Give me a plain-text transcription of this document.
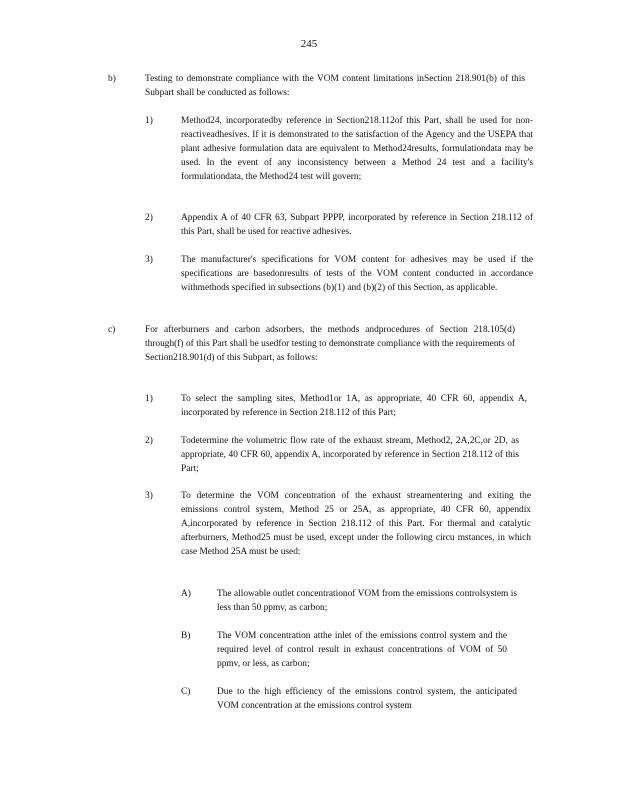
245
b)	Testing to demonstrate compliance with the VOM content limitations inSection 218.901(b) of this Subpart shall be conducted as follows:
1)	Method24, incorporatedby reference in Section218.112of this Part, shall be used for non-reactiveadhesives. If it is demonstrated to the satisfaction of the Agency and the USEPA that plant adhesive formulation data are equivalent to Method24results, formulationdata may be used. In the event of any inconsistency between a Method 24 test and a facility's formulationdata, the Method24 test will govern;
2)	Appendix A of 40 CFR 63, Subpart PPPP, incorporated by reference in Section 218.112 of this Part, shall be used for reactive adhesives.
3)	The manufacturer's specifications for VOM content for adhesives may be used if the specifications are basedonresults of tests of the VOM content conducted in accordance withmethods specified in subsections (b)(1) and (b)(2) of this Section, as applicable.
c)	For afterburners and carbon adsorbers, the methods andprocedures of Section 218.105(d) through(f) of this Part shall be usedfor testing to demonstrate compliance with the requirements of Section218.901(d) of this Subpart, as follows:
1)	To select the sampling sites, Method1or 1A, as appropriate, 40 CFR 60, appendix A, incorporated by reference in Section 218.112 of this Part;
2)	Todetermine the volumetric flow rate of the exhaust stream, Method2, 2A,2C,or 2D, as appropriate, 40 CFR 60, appendix A, incorporated by reference in Section 218.112 of this Part;
3)	To determine the VOM concentration of the exhaust streamentering and exiting the emissions control system, Method 25 or 25A, as appropriate, 40 CFR 60, appendix A,incorporated by reference in Section 218.112 of this Part. For thermal and catalytic afterburners, Method25 must be used, except under the following circu mstances, in which case Method 25A must be used:
A)	The allowable outlet concentrationof VOM from the emissions controlsystem is less than 50 ppmv, as carbon;
B)	The VOM concentration atthe inlet of the emissions control system and the required level of control result in exhaust concentrations of VOM of 50 ppmv, or less, as carbon;
C)	Due to the high efficiency of the emissions control system, the anticipated VOM concentration at the emissions control system
